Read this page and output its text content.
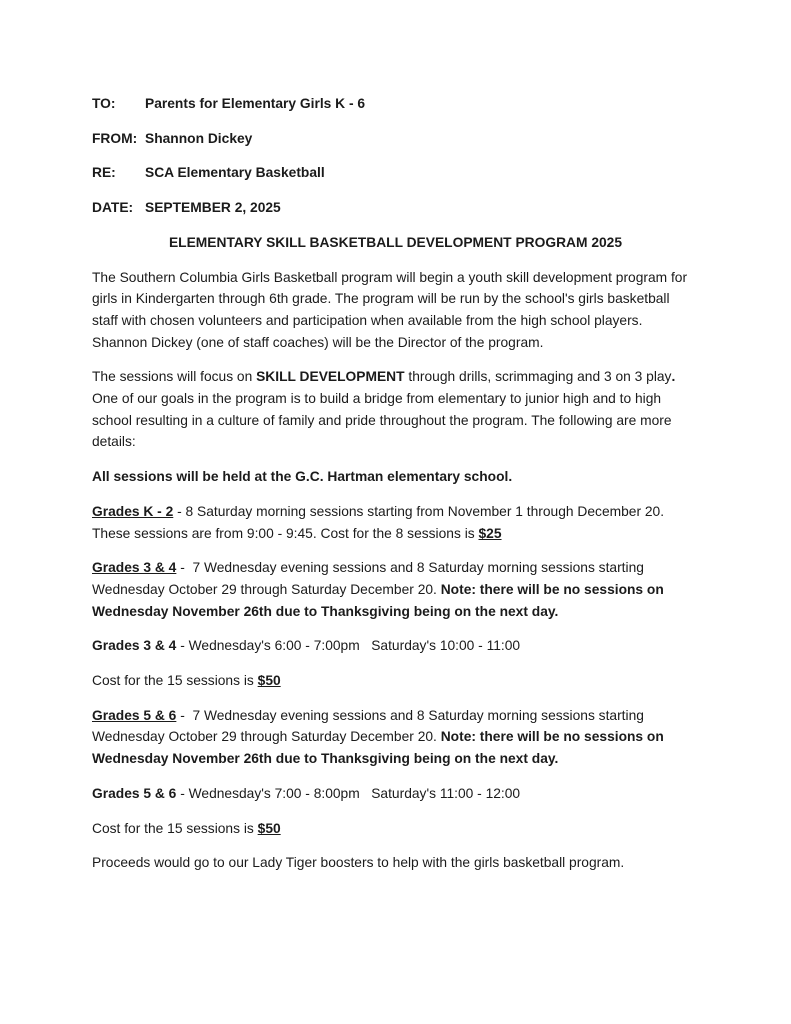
TO:	Parents for Elementary Girls K - 6
FROM: Shannon Dickey
RE:	SCA Elementary Basketball
DATE: SEPTEMBER 2, 2025
ELEMENTARY SKILL BASKETBALL DEVELOPMENT PROGRAM 2025

The Southern Columbia Girls Basketball program will begin a youth skill development program for girls in Kindergarten through 6th grade. The program will be run by the school's girls basketball staff with chosen volunteers and participation when available from the high school players. Shannon Dickey (one of staff coaches) will be the Director of the program.

The sessions will focus on SKILL DEVELOPMENT through drills, scrimmaging and 3 on 3 play. One of our goals in the program is to build a bridge from elementary to junior high and to high school resulting in a culture of family and pride throughout the program. The following are more details:

All sessions will be held at the G.C. Hartman elementary school.

Grades K - 2 - 8 Saturday morning sessions starting from November 1 through December 20. These sessions are from 9:00 - 9:45. Cost for the 8 sessions is $25

Grades 3 & 4 -  7 Wednesday evening sessions and 8 Saturday morning sessions starting Wednesday October 29 through Saturday December 20. Note: there will be no sessions on Wednesday November 26th due to Thanksgiving being on the next day.

Grades 3 & 4 - Wednesday's 6:00 - 7:00pm   Saturday's 10:00 - 11:00

Cost for the 15 sessions is $50

Grades 5 & 6 -  7 Wednesday evening sessions and 8 Saturday morning sessions starting Wednesday October 29 through Saturday December 20. Note: there will be no sessions on Wednesday November 26th due to Thanksgiving being on the next day.

Grades 5 & 6 - Wednesday's 7:00 - 8:00pm   Saturday's 11:00 - 12:00

Cost for the 15 sessions is $50

Proceeds would go to our Lady Tiger boosters to help with the girls basketball program.
